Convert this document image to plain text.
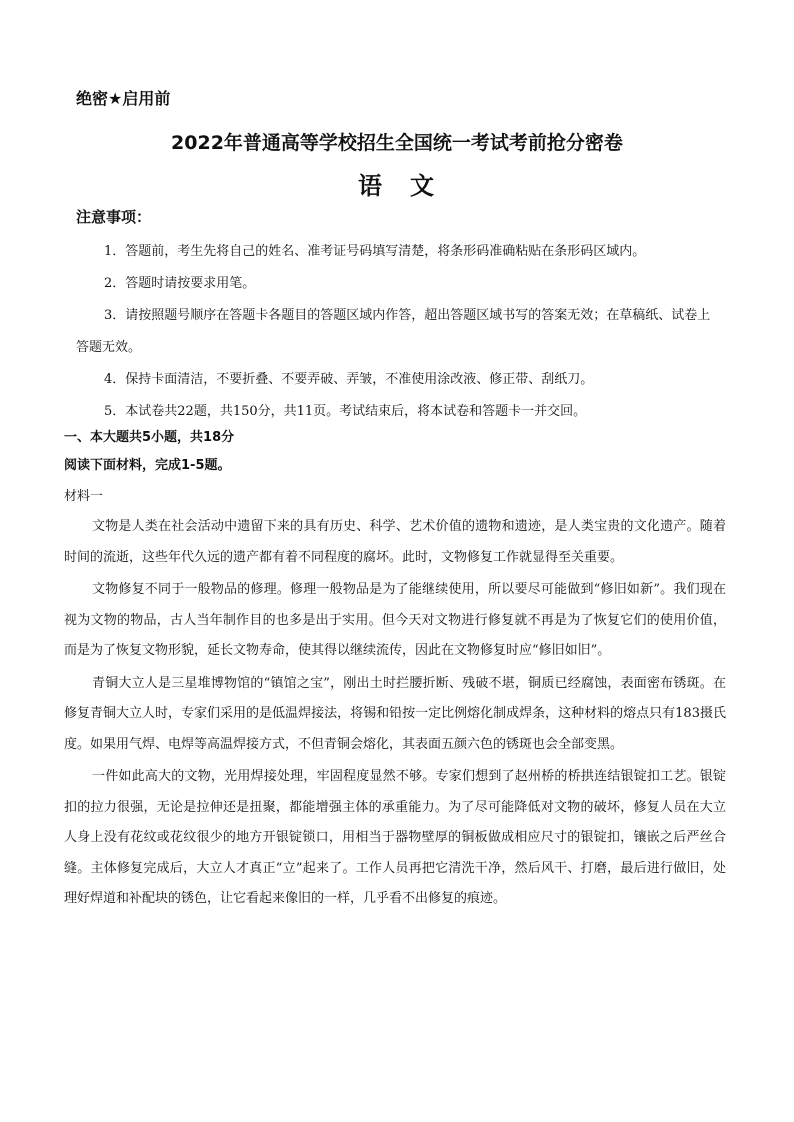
绝密★启用前
2022年普通高等学校招生全国统一考试考前抢分密卷
语　文
注意事项：

1．答题前，考生先将自己的姓名、准考证号码填写清楚，将条形码准确粘贴在条形码区域内。

2．答题时请按要求用笔。

3．请按照题号顺序在答题卡各题目的答题区域内作答，超出答题区域书写的答案无效；在草稿纸、试卷上答题无效。

4．保持卡面清洁，不要折叠、不要弄破、弄皱，不准使用涂改液、修正带、刮纸刀。

5．本试卷共22题，共150分，共11页。考试结束后，将本试卷和答题卡一并交回。

一、本大题共5小题，共18分
阅读下面材料，完成1-5题。
材料一

文物是人类在社会活动中遗留下来的具有历史、科学、艺术价值的遗物和遗迹，是人类宝贵的文化遗产。随着时间的流逝，这些年代久远的遗产都有着不同程度的腐坏。此时，文物修复工作就显得至关重要。

文物修复不同于一般物品的修理。修理一般物品是为了能继续使用，所以要尽可能做到“修旧如新”。我们现在视为文物的物品，古人当年制作目的也多是出于实用。但今天对文物进行修复就不再是为了恢复它们的使用价值，而是为了恢复文物形貌，延长文物寿命，使其得以继续流传，因此在文物修复时应“修旧如旧”。

青铜大立人是三星堆博物馆的“镇馆之宝”，刚出土时拦腰折断、残破不堪，铜质已经腐蚀，表面密布锈斑。在修复青铜大立人时，专家们采用的是低温焊接法，将锡和铅按一定比例熔化制成焊条，这种材料的熔点只有183摄氏度。如果用气焊、电焊等高温焊接方式，不但青铜会熔化，其表面五颜六色的锈斑也会全部变黑。

一件如此高大的文物，光用焊接处理，牢固程度显然不够。专家们想到了赵州桥的桥拱连结银锭扣工艺。银锭扣的拉力很强，无论是拉伸还是扭聚，都能增强主体的承重能力。为了尽可能降低对文物的破坏，修复人员在大立人身上没有花纹或花纹很少的地方开银锭锁口，用相当于器物壁厚的铜板做成相应尺寸的银锭扣，镶嵌之后严丝合缝。主体修复完成后，大立人才真正“立”起来了。工作人员再把它清洗干净，然后风干、打磨，最后进行做旧，处理好焊道和补配块的锈色，让它看起来像旧的一样，几乎看不出修复的痕迹。
